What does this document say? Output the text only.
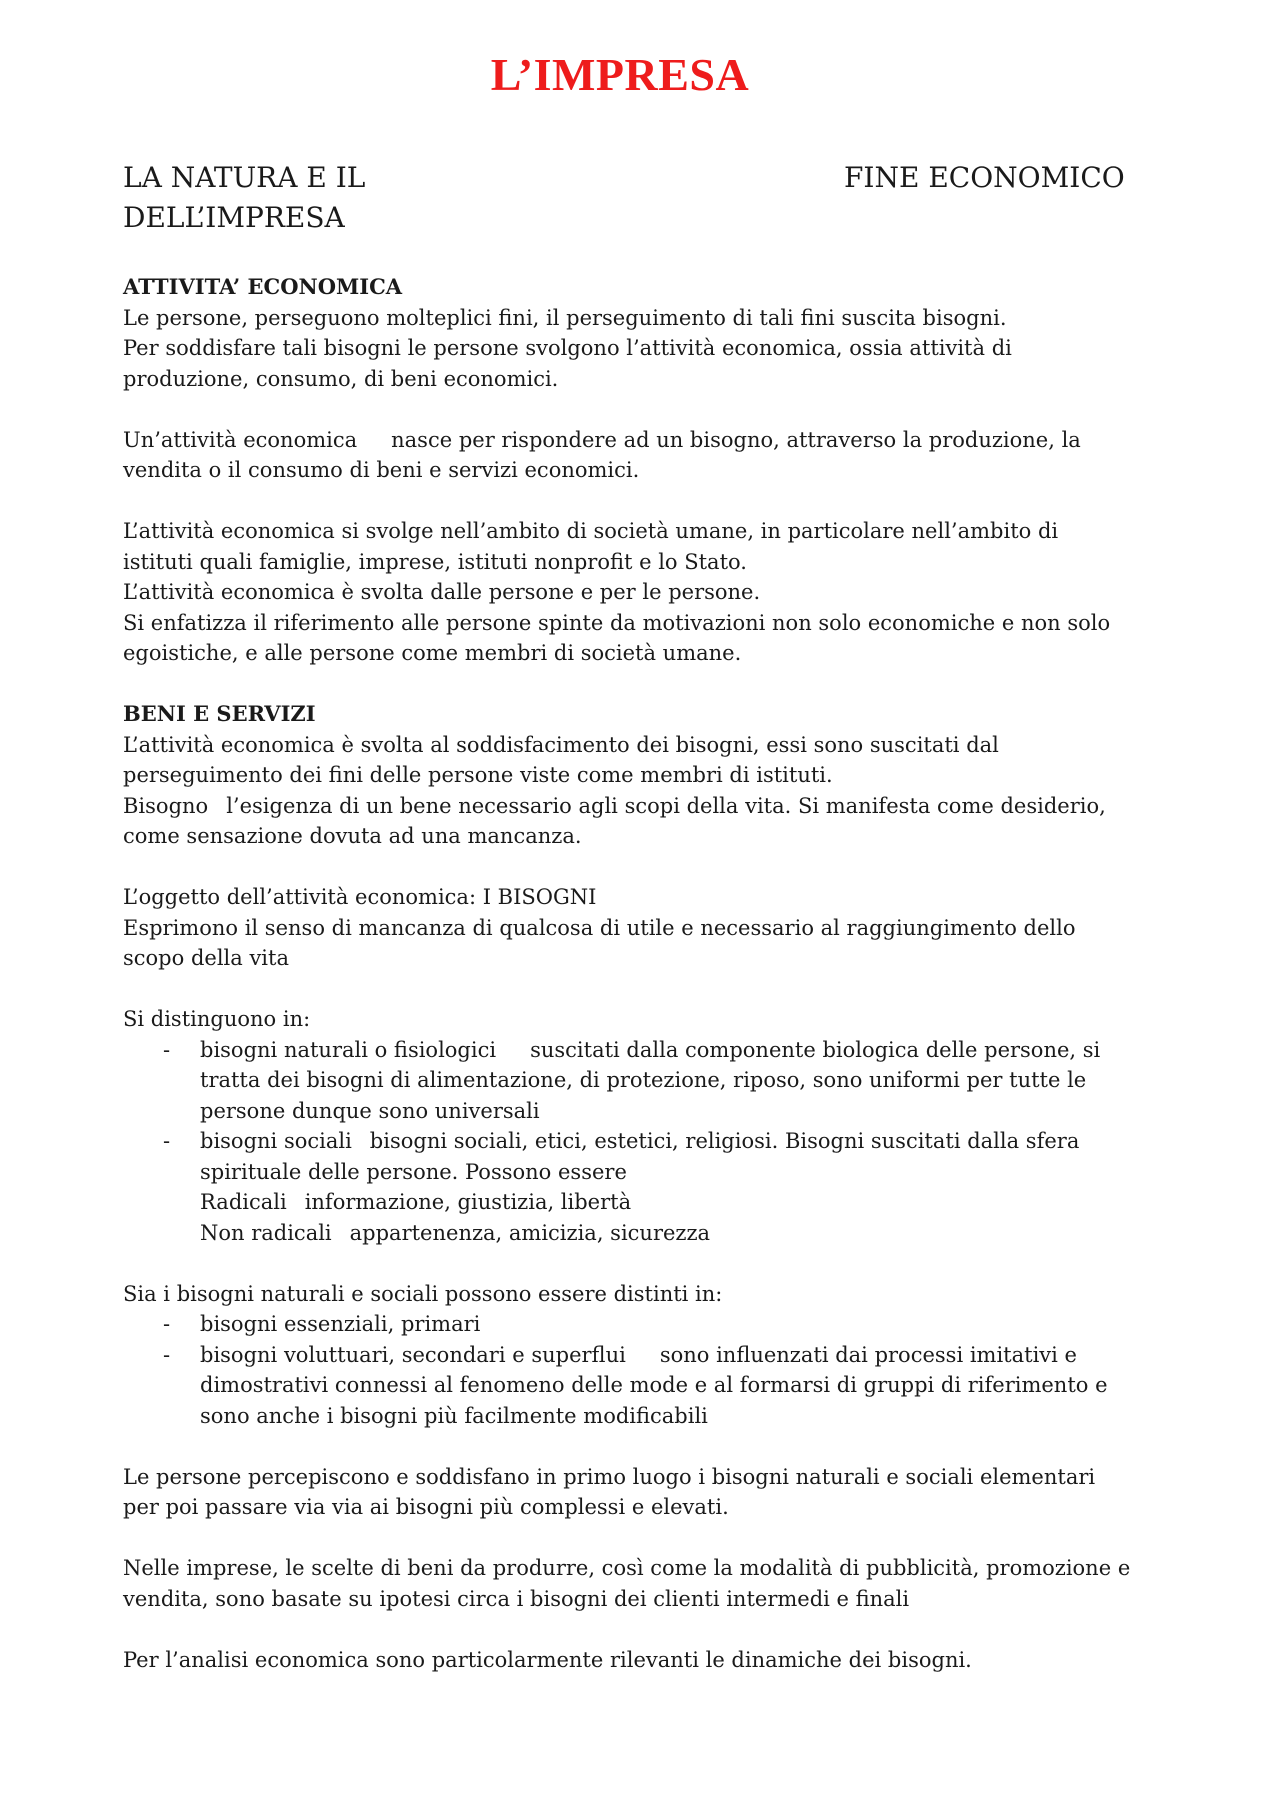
L’IMPRESA
LA NATURA E IL
DELL’IMPRESA
FINE ECONOMICO

ATTIVITA’ ECONOMICA

Le persone, perseguono molteplici fini, il perseguimento di tali fini suscita bisogni.

Per soddisfare tali bisogni le persone svolgono l’attività economica, ossia attività di

produzione, consumo, di beni economici.

Un’attività economica nasce per rispondere ad un bisogno, attraverso la produzione, la

vendita o il consumo di beni e servizi economici.

L’attività economica si svolge nell’ambito di società umane, in particolare nell’ambito di

istituti quali famiglie, imprese, istituti nonprofit e lo Stato.

L’attività economica è svolta dalle persone e per le persone.

Si enfatizza il riferimento alle persone spinte da motivazioni non solo economiche e non solo

egoistiche, e alle persone come membri di società umane.

BENI E SERVIZI

L’attività economica è svolta al soddisfacimento dei bisogni, essi sono suscitati dal

perseguimento dei fini delle persone viste come membri di istituti.

Bisogno l’esigenza di un bene necessario agli scopi della vita. Si manifesta come desiderio,

come sensazione dovuta ad una mancanza.

L’oggetto dell’attività economica: I BISOGNI

Esprimono il senso di mancanza di qualcosa di utile e necessario al raggiungimento dello

scopo della vita

Si distinguono in:

- bisogni naturali o fisiologici suscitati dalla componente biologica delle persone, si
tratta dei bisogni di alimentazione, di protezione, riposo, sono uniformi per tutte le
persone dunque sono universali
- bisogni sociali bisogni sociali, etici, estetici, religiosi. Bisogni suscitati dalla sfera
spirituale delle persone. Possono essere
Radicali informazione, giustizia, libertà
Non radicali appartenenza, amicizia, sicurezza

Sia i bisogni naturali e sociali possono essere distinti in:

- bisogni essenziali, primari
- bisogni voluttuari, secondari e superflui sono influenzati dai processi imitativi e
dimostrativi connessi al fenomeno delle mode e al formarsi di gruppi di riferimento e
sono anche i bisogni più facilmente modificabili

Le persone percepiscono e soddisfano in primo luogo i bisogni naturali e sociali elementari

per poi passare via via ai bisogni più complessi e elevati.

Nelle imprese, le scelte di beni da produrre, così come la modalità di pubblicità, promozione e

vendita, sono basate su ipotesi circa i bisogni dei clienti intermedi e finali

Per l’analisi economica sono particolarmente rilevanti le dinamiche dei bisogni.
